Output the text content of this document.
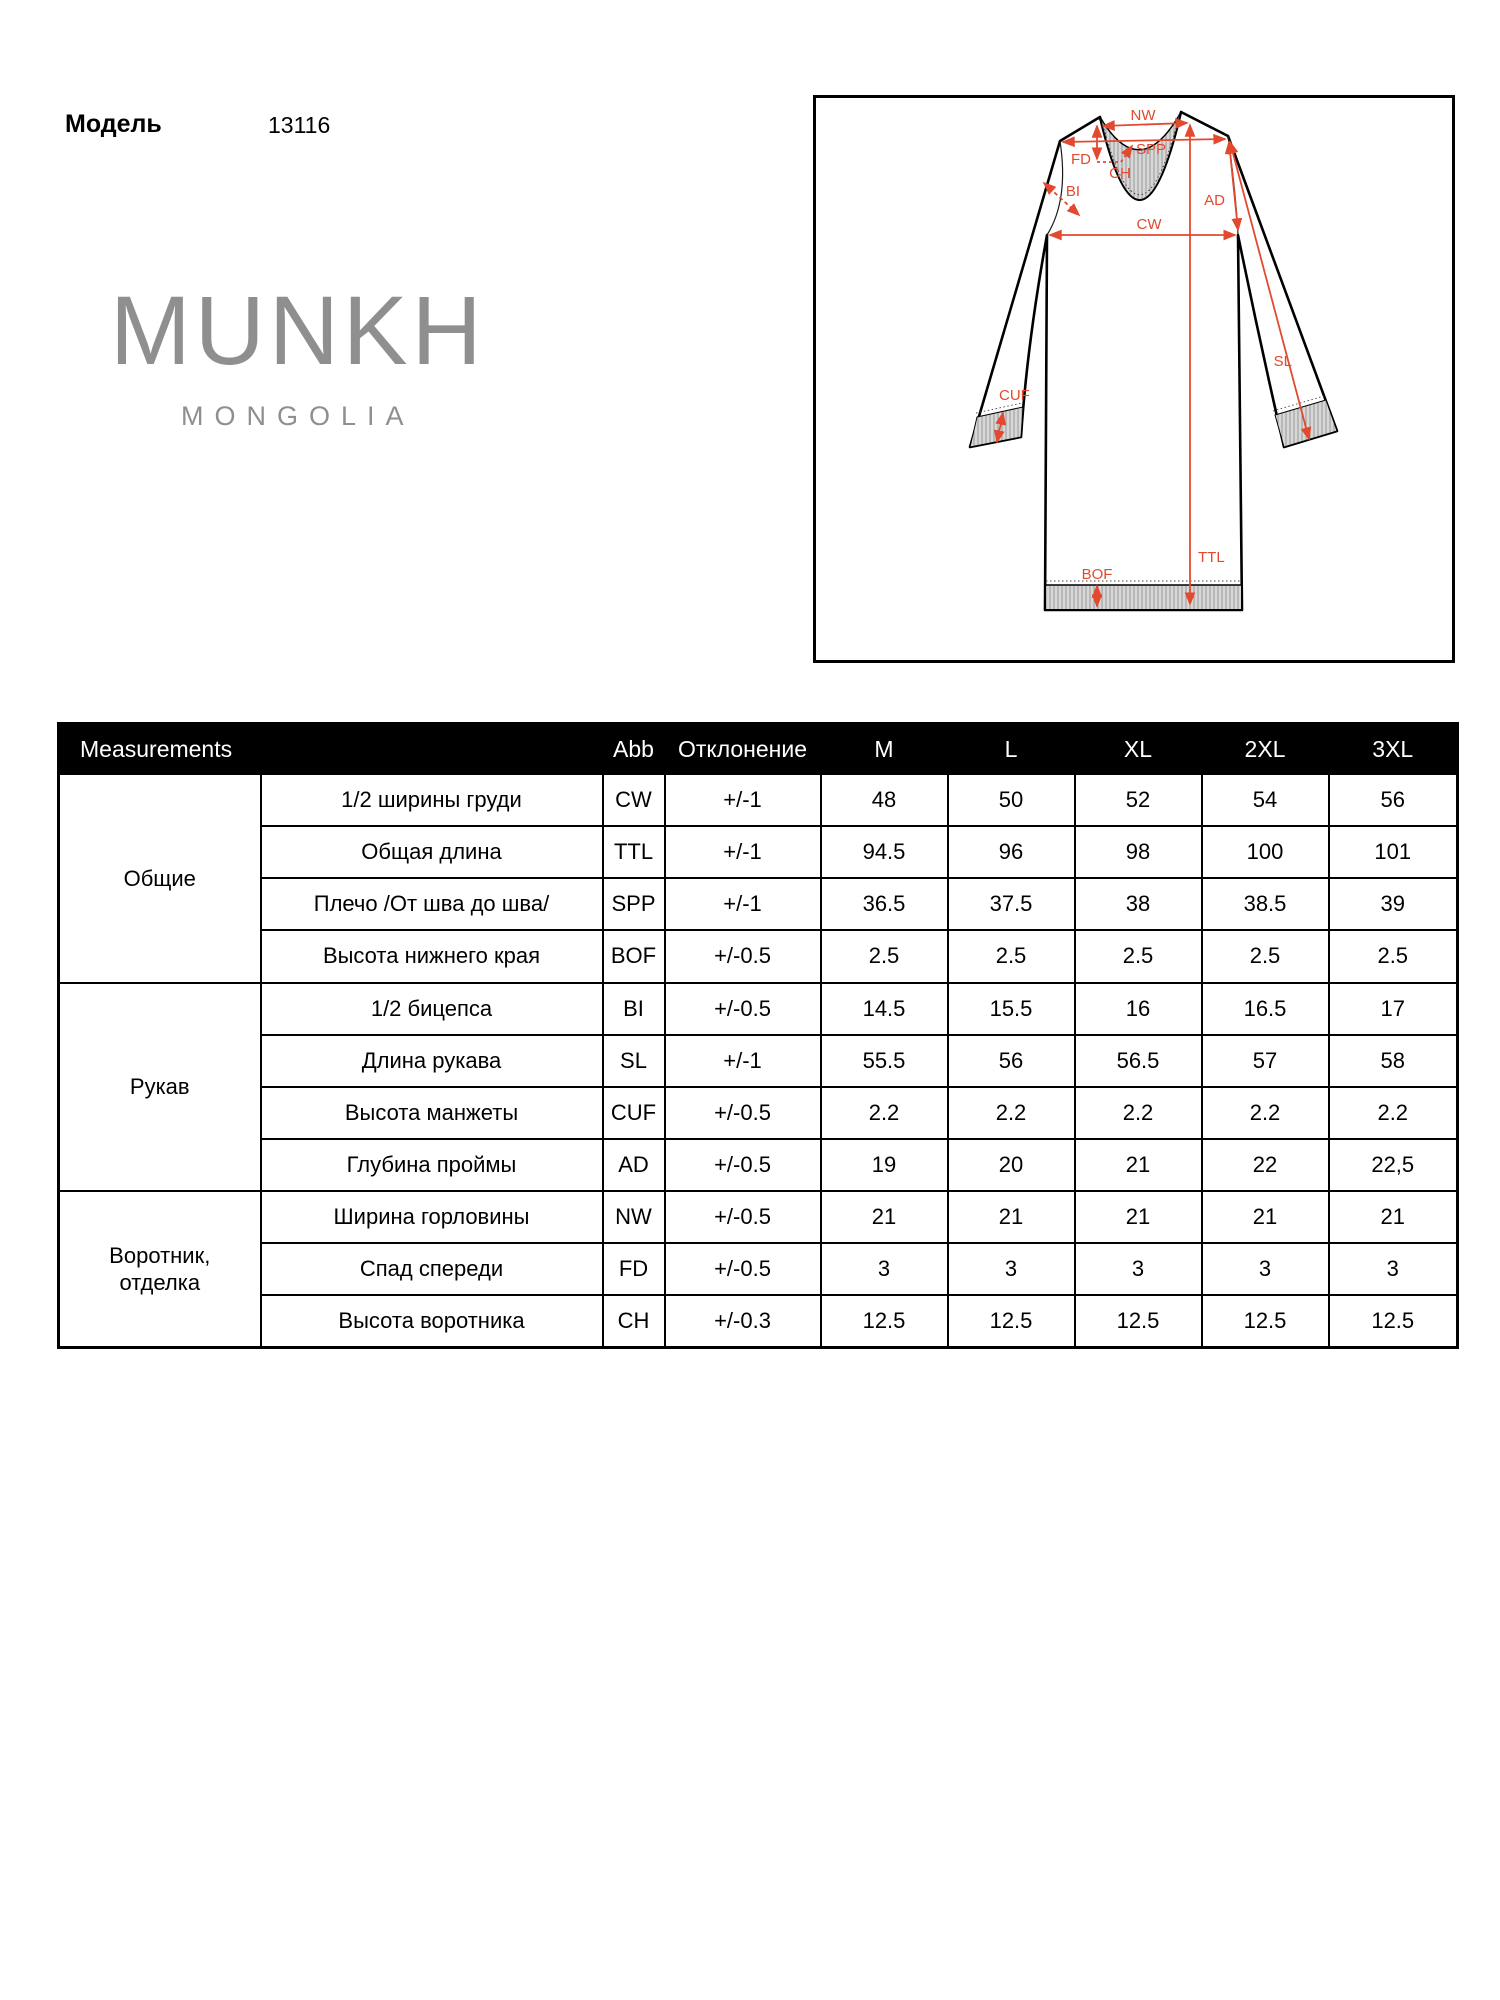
Модель	13116
MUNKH
MONGOLIA
NW
SPP
FD
CH
BI
CW
AD
SL
CUF
TTL
BOF
Measurements		Abb	Отклонение	M	L	XL	2XL	3XL

Общие	1/2 ширины груди	CW	+/-1	48	50	52	54	56
	Общая длина	TTL	+/-1	94.5	96	98	100	101
	Плечо /От шва до шва/	SPP	+/-1	36.5	37.5	38	38.5	39
	Высота нижнего края	BOF	+/-0.5	2.5	2.5	2.5	2.5	2.5

Рукав	1/2 бицепса	BI	+/-0.5	14.5	15.5	16	16.5	17
	Длина рукава	SL	+/-1	55.5	56	56.5	57	58
	Высота манжеты	CUF	+/-0.5	2.2	2.2	2.2	2.2	2.2
	Глубина проймы	AD	+/-0.5	19	20	21	22	22,5

Воротник, отделка	Ширина горловины	NW	+/-0.5	21	21	21	21	21
	Спад спереди	FD	+/-0.5	3	3	3	3	3
	Высота воротника	CH	+/-0.3	12.5	12.5	12.5	12.5	12.5
